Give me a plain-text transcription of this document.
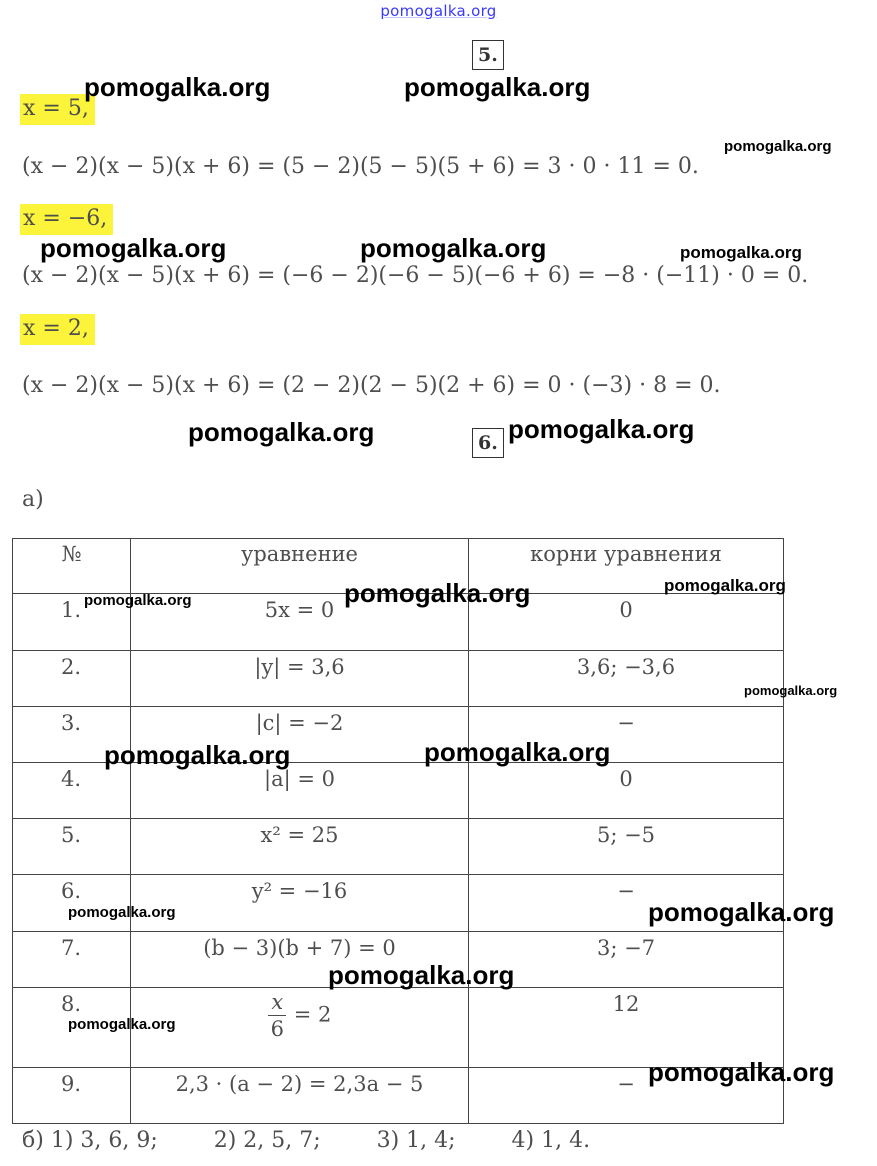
pomogalka.org
5.
x = 5,
(x − 2)(x − 5)(x + 6) = (5 − 2)(5 − 5)(5 + 6) = 3 · 0 · 11 = 0.
x = −6,
(x − 2)(x − 5)(x + 6) = (−6 − 2)(−6 − 5)(−6 + 6) = −8 · (−11) · 0 = 0.
x = 2,
(x − 2)(x − 5)(x + 6) = (2 − 2)(2 − 5)(2 + 6) = 0 · (−3) · 8 = 0.
6.
а)
№	уравнение	корни уравнения
1.	5x = 0	0
2.	|y| = 3,6	3,6; −3,6
3.	|c| = −2	−
4.	|a| = 0	0
5.	x² = 25	5; −5
6.	y² = −16	−
7.	(b − 3)(b + 7) = 0	3; −7
8.	$\frac{x}{6} = 2$	12
9.	2,3 · (a − 2) = 2,3a − 5	−
б) 1) 3, 6, 9;        2) 2, 5, 7;        3) 1, 4;        4) 1, 4.
pomogalka.org	pomogalka.org
pomogalka.org
pomogalka.org	pomogalka.org	pomogalka.org
pomogalka.org	pomogalka.org
pomogalka.org	pomogalka.org
pomogalka.org
pomogalka.org
pomogalka.org	pomogalka.org
pomogalka.org	pomogalka.org
pomogalka.org
pomogalka.org
pomogalka.org
